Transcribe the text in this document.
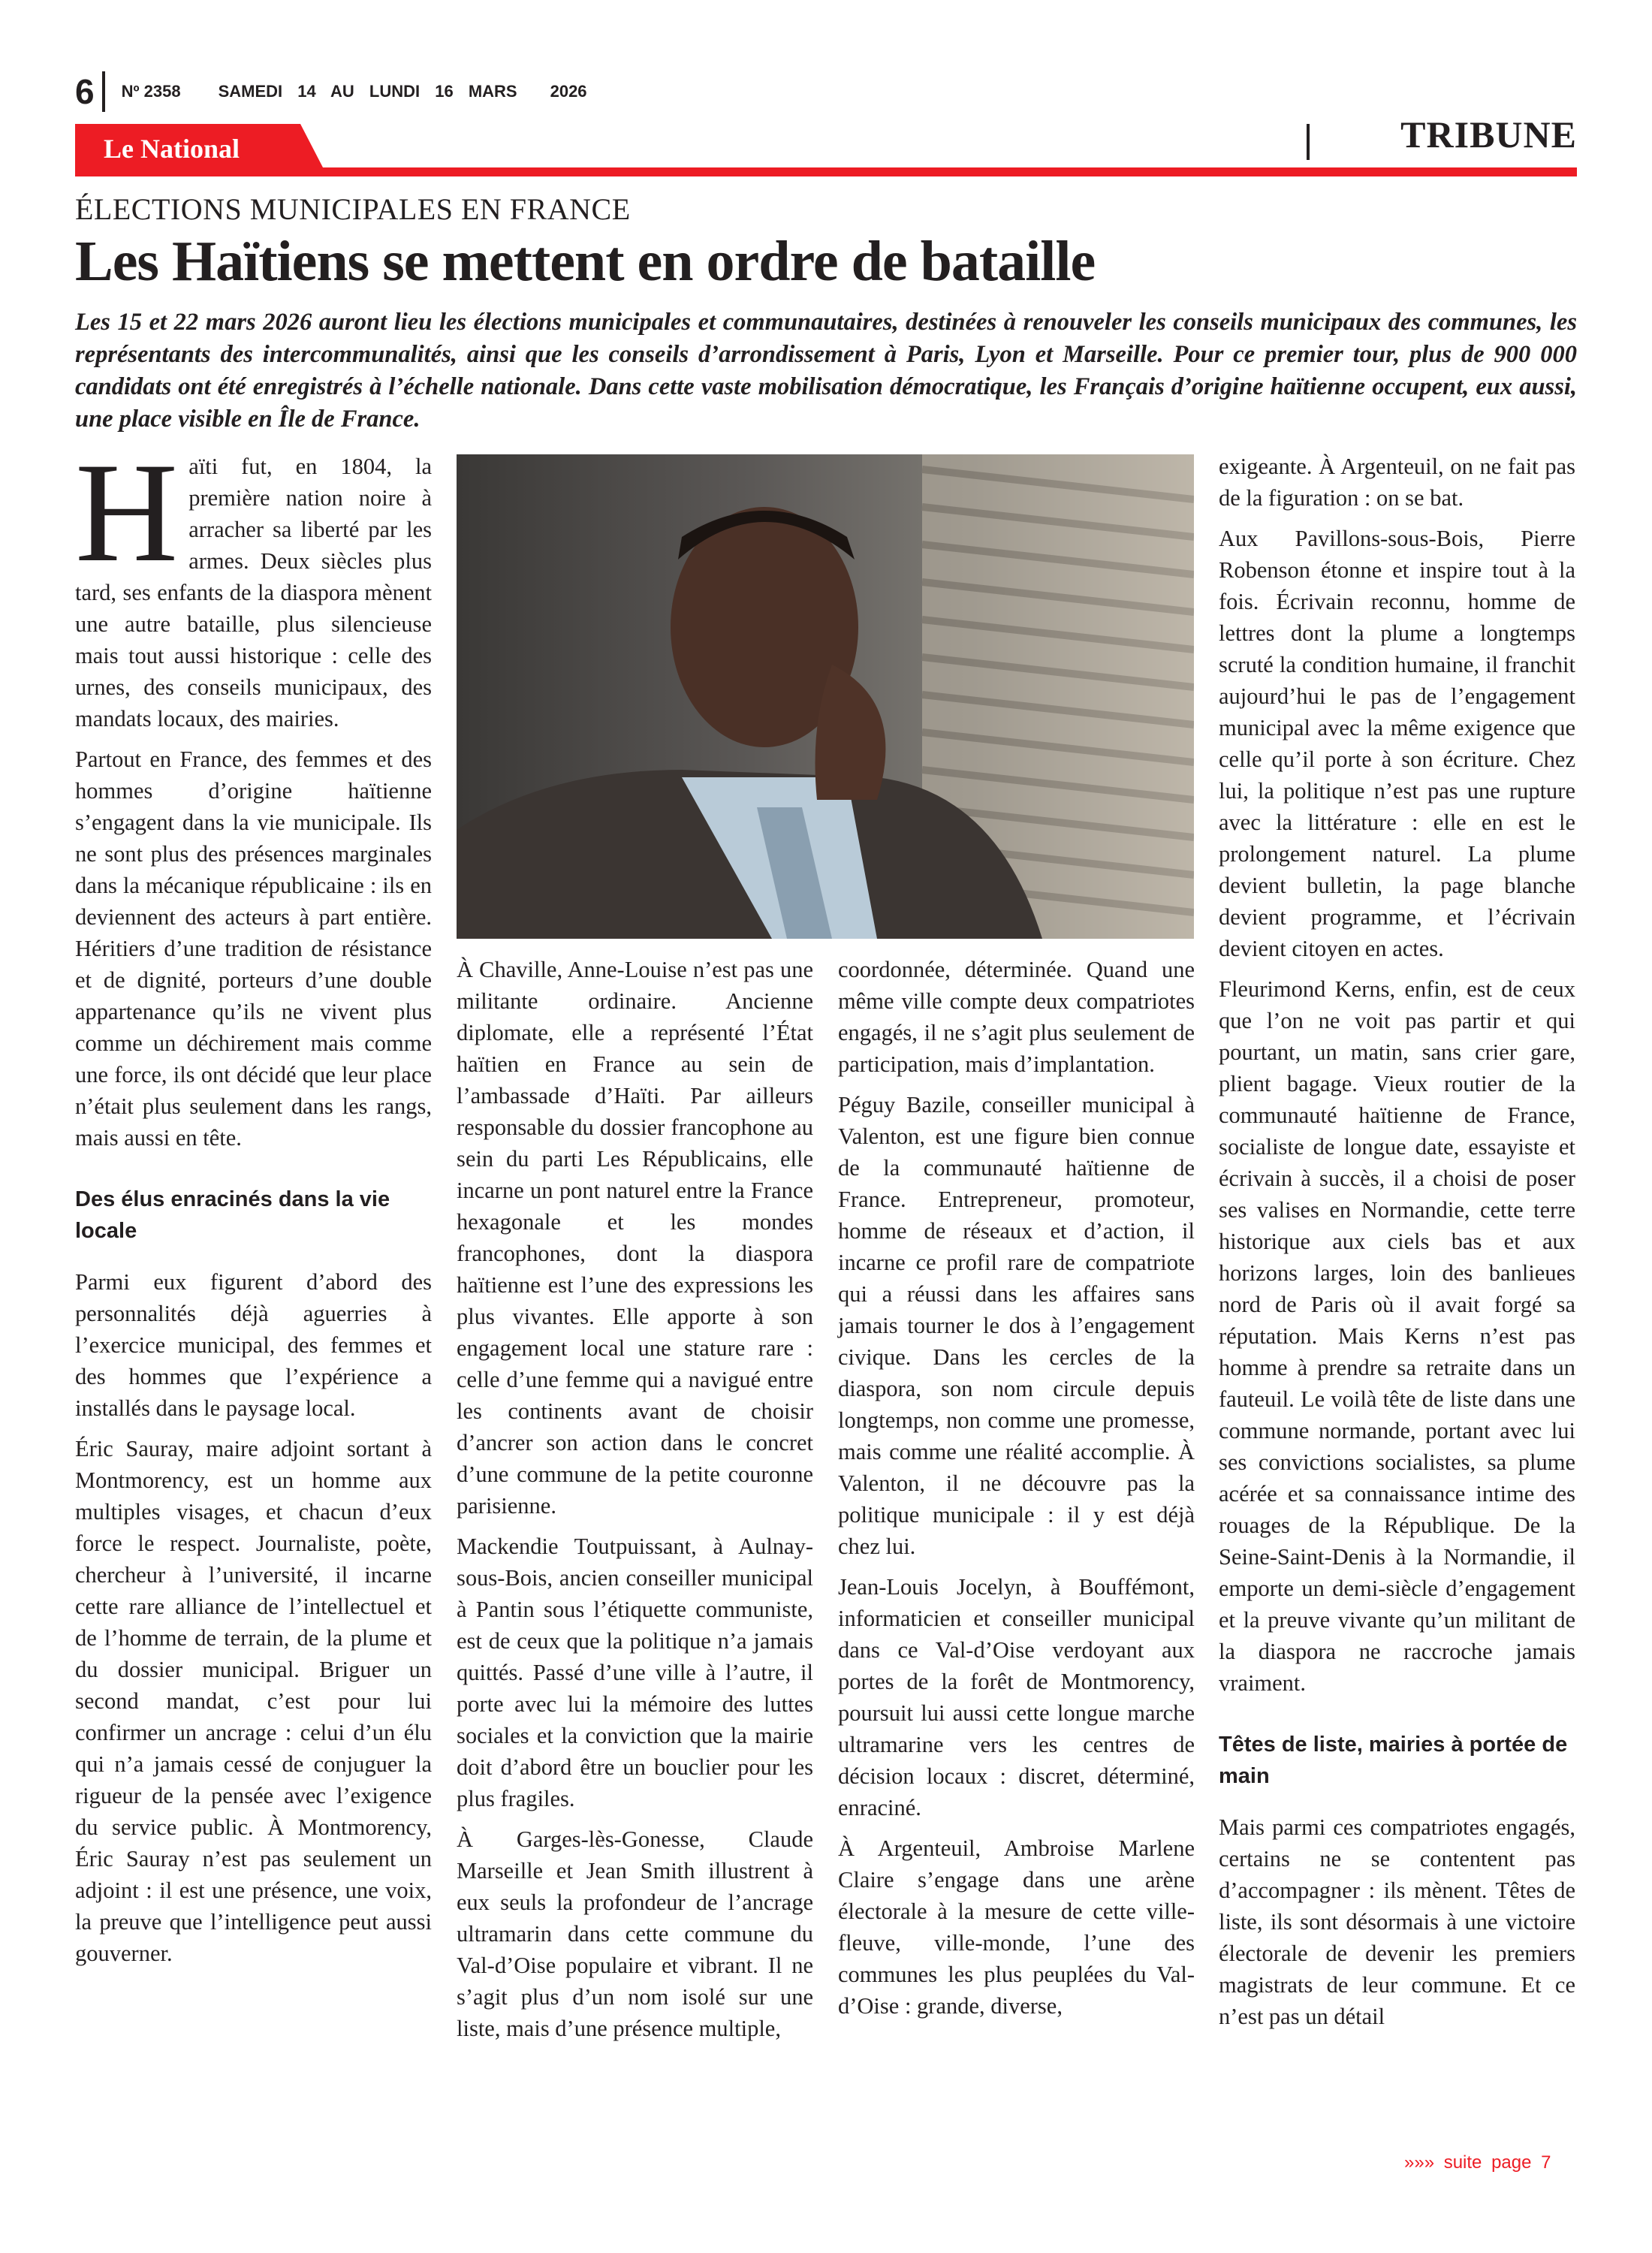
6	Nº 2358 SAMEDI 14 AU LUNDI 16 MARS 2026
Le National	TRIBUNE
ÉLECTIONS MUNICIPALES EN FRANCE
Les Haïtiens se mettent en ordre de bataille
Les 15 et 22 mars 2026 auront lieu les élections municipales et communautaires, destinées à renouveler les conseils municipaux des communes, les représentants des intercommunalités, ainsi que les conseils d’arrondissement à Paris, Lyon et Marseille. Pour ce premier tour, plus de 900 000 candidats ont été enregistrés à l’échelle nationale. Dans cette vaste mobilisation démocratique, les Français d’origine haïtienne occupent, eux aussi, une place visible en Île de France.

Haïti fut, en 1804, la première nation noire à arracher sa liberté par les armes. Deux siècles plus tard, ses enfants de la diaspora mènent une autre bataille, plus silencieuse mais tout aussi historique : celle des urnes, des conseils municipaux, des mandats locaux, des mairies.

Partout en France, des femmes et des hommes d’origine haïtienne s’engagent dans la vie municipale. Ils ne sont plus des présences marginales dans la mécanique républicaine : ils en deviennent des acteurs à part entière. Héritiers d’une tradition de résistance et de dignité, porteurs d’une double appartenance qu’ils ne vivent plus comme un déchirement mais comme une force, ils ont décidé que leur place n’était plus seulement dans les rangs, mais aussi en tête.

Des élus enracinés dans la vie locale

Parmi eux figurent d’abord des personnalités déjà aguerries à l’exercice municipal, des femmes et des hommes que l’expérience a installés dans le paysage local.

Éric Sauray, maire adjoint sortant à Montmorency, est un homme aux multiples visages, et chacun d’eux force le respect. Journaliste, poète, chercheur à l’université, il incarne cette rare alliance de l’intellectuel et de l’homme de terrain, de la plume et du dossier municipal. Briguer un second mandat, c’est pour lui confirmer un ancrage : celui d’un élu qui n’a jamais cessé de conjuguer la rigueur de la pensée avec l’exigence du service public. À Montmorency, Éric Sauray n’est pas seulement un adjoint : il est une présence, une voix, la preuve que l’intelligence peut aussi gouverner.

À Chaville, Anne-Louise n’est pas une militante ordinaire. Ancienne diplomate, elle a représenté l’État haïtien en France au sein de l’ambassade d’Haïti. Par ailleurs responsable du dossier francophone au sein du parti Les Républicains, elle incarne un pont naturel entre la France hexagonale et les mondes francophones, dont la diaspora haïtienne est l’une des expressions les plus vivantes. Elle apporte à son engagement local une stature rare : celle d’une femme qui a navigué entre les continents avant de choisir d’ancrer son action dans le concret d’une commune de la petite couronne parisienne.

Mackendie Toutpuissant, à Aulnay-sous-Bois, ancien conseiller municipal à Pantin sous l’étiquette communiste, est de ceux que la politique n’a jamais quittés. Passé d’une ville à l’autre, il porte avec lui la mémoire des luttes sociales et la conviction que la mairie doit d’abord être un bouclier pour les plus fragiles.

À Garges-lès-Gonesse, Claude Marseille et Jean Smith illustrent à eux seuls la profondeur de l’ancrage ultramarin dans cette commune du Val-d’Oise populaire et vibrant. Il ne s’agit plus d’un nom isolé sur une liste, mais d’une présence multiple,

coordonnée, déterminée. Quand une même ville compte deux compatriotes engagés, il ne s’agit plus seulement de participation, mais d’implantation.

Péguy Bazile, conseiller municipal à Valenton, est une figure bien connue de la communauté haïtienne de France. Entrepreneur, promoteur, homme de réseaux et d’action, il incarne ce profil rare de compatriote qui a réussi dans les affaires sans jamais tourner le dos à l’engagement civique. Dans les cercles de la diaspora, son nom circule depuis longtemps, non comme une promesse, mais comme une réalité accomplie. À Valenton, il ne découvre pas la politique municipale : il y est déjà chez lui.

Jean-Louis Jocelyn, à Bouffémont, informaticien et conseiller municipal dans ce Val-d’Oise verdoyant aux portes de la forêt de Montmorency, poursuit lui aussi cette longue marche ultramarine vers les centres de décision locaux : discret, déterminé, enraciné.

À Argenteuil, Ambroise Marlene Claire s’engage dans une arène électorale à la mesure de cette ville-fleuve, ville-monde, l’une des communes les plus peuplées du Val-d’Oise : grande, diverse,

exigeante. À Argenteuil, on ne fait pas de la figuration : on se bat.

Aux Pavillons-sous-Bois, Pierre Robenson étonne et inspire tout à la fois. Écrivain reconnu, homme de lettres dont la plume a longtemps scruté la condition humaine, il franchit aujourd’hui le pas de l’engagement municipal avec la même exigence que celle qu’il porte à son écriture. Chez lui, la politique n’est pas une rupture avec la littérature : elle en est le prolongement naturel. La plume devient bulletin, la page blanche devient programme, et l’écrivain devient citoyen en actes.

Fleurimond Kerns, enfin, est de ceux que l’on ne voit pas partir et qui pourtant, un matin, sans crier gare, plient bagage. Vieux routier de la communauté haïtienne de France, socialiste de longue date, essayiste et écrivain à succès, il a choisi de poser ses valises en Normandie, cette terre historique aux ciels bas et aux horizons larges, loin des banlieues nord de Paris où il avait forgé sa réputation. Mais Kerns n’est pas homme à prendre sa retraite dans un fauteuil. Le voilà tête de liste dans une commune normande, portant avec lui ses convictions socialistes, sa plume acérée et sa connaissance intime des rouages de la République. De la Seine-Saint-Denis à la Normandie, il emporte un demi-siècle d’engagement et la preuve vivante qu’un militant de la diaspora ne raccroche jamais vraiment.

Têtes de liste, mairies à portée de main

Mais parmi ces compatriotes engagés, certains ne se contentent pas d’accompagner : ils mènent. Têtes de liste, ils sont désormais à une victoire électorale de devenir les premiers magistrats de leur commune. Et ce n’est pas un détail

»»» suite page 7
